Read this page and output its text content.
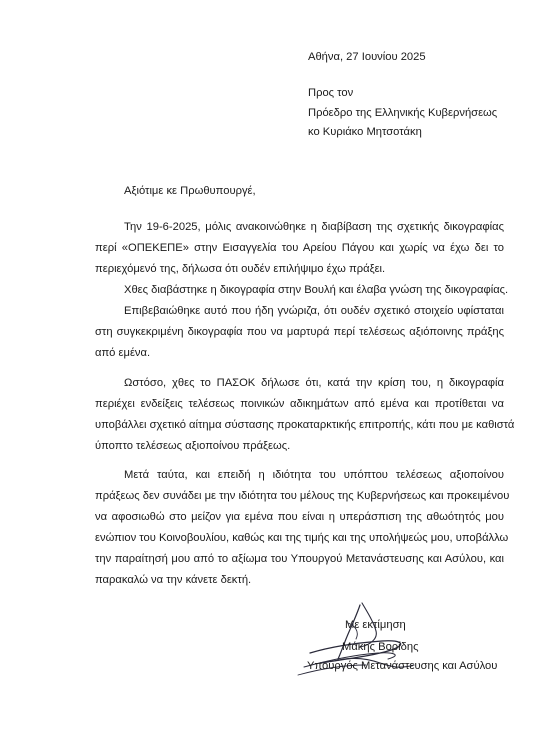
Αθήνα, 27 Ιουνίου 2025
Προς τον
Πρόεδρο της Ελληνικής Κυβερνήσεως
κο Κυριάκο Μητσοτάκη
Αξιότιμε κε Πρωθυπουργέ,
Την 19-6-2025, μόλις ανακοινώθηκε η διαβίβαση της σχετικής δικογραφίας
περί «ΟΠΕΚΕΠΕ» στην Εισαγγελία του Αρείου Πάγου και χωρίς να έχω δει το
περιεχόμενό της, δήλωσα ότι ουδέν επιλήψιμο έχω πράξει.
Χθες διαβάστηκε η δικογραφία στην Βουλή και έλαβα γνώση της δικογραφίας.
Επιβεβαιώθηκε αυτό που ήδη γνώριζα, ότι ουδέν σχετικό στοιχείο υφίσταται
στη συγκεκριμένη δικογραφία που να μαρτυρά περί τελέσεως αξιόποινης πράξης
από εμένα.
Ωστόσο, χθες το ΠΑΣΟΚ δήλωσε ότι, κατά την κρίση του, η δικογραφία
περιέχει ενδείξεις τελέσεως ποινικών αδικημάτων από εμένα και προτίθεται να
υποβάλλει σχετικό αίτημα σύστασης προκαταρκτικής επιτροπής, κάτι που με καθιστά
ύποπτο τελέσεως αξιοποίνου πράξεως.
Μετά ταύτα, και επειδή η ιδιότητα του υπόπτου τελέσεως αξιοποίνου
πράξεως δεν συνάδει με την ιδιότητα του μέλους της Κυβερνήσεως και προκειμένου
να αφοσιωθώ στο μείζον για εμένα που είναι η υπεράσπιση της αθωότητός μου
ενώπιον του Κοινοβουλίου, καθώς και της τιμής και της υπολήψεώς μου, υποβάλλω
την παραίτησή μου από το αξίωμα του Υπουργού Μετανάστευσης και Ασύλου, και
παρακαλώ να την κάνετε δεκτή.
Με εκτίμηση
Μάκης Βορίδης
Υπουργός Μετανάστευσης και Ασύλου
